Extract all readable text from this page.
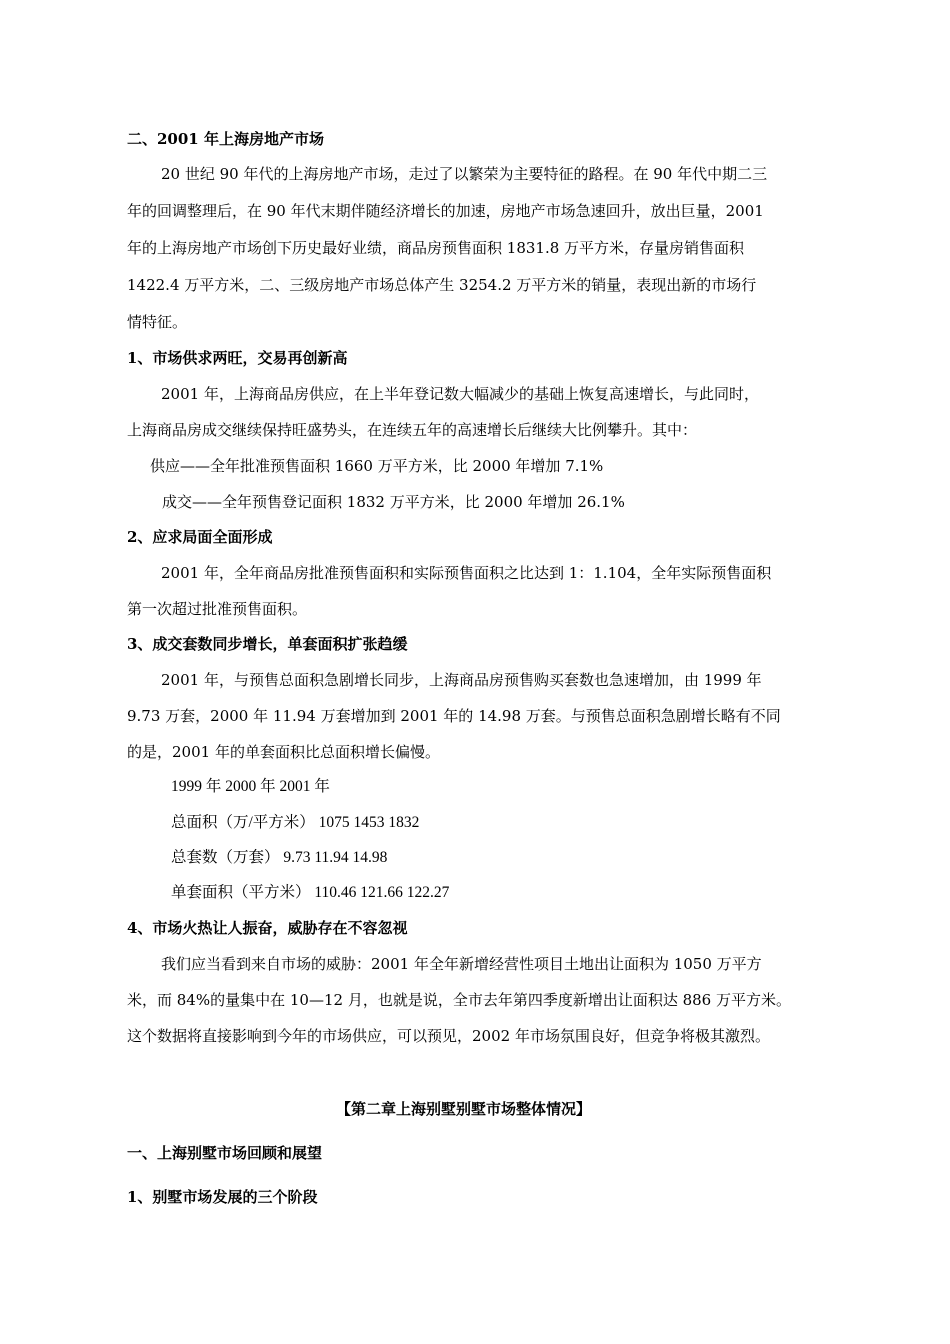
二、2001 年上海房地产市场
20 世纪 90 年代的上海房地产市场，走过了以繁荣为主要特征的路程。在 90 年代中期二三
年的回调整理后，在 90 年代末期伴随经济增长的加速，房地产市场急速回升，放出巨量，2001
年的上海房地产市场创下历史最好业绩，商品房预售面积 1831.8 万平方米，存量房销售面积
1422.4 万平方米，二、三级房地产市场总体产生 3254.2 万平方米的销量，表现出新的市场行
情特征。
1、市场供求两旺，交易再创新高
2001 年，上海商品房供应，在上半年登记数大幅减少的基础上恢复高速增长，与此同时，
上海商品房成交继续保持旺盛势头，在连续五年的高速增长后继续大比例攀升。其中：
供应——全年批准预售面积 1660 万平方米，比 2000 年增加 7.1%
成交——全年预售登记面积 1832 万平方米，比 2000 年增加 26.1%
2、应求局面全面形成
2001 年，全年商品房批准预售面积和实际预售面积之比达到 1：1.104，全年实际预售面积
第一次超过批准预售面积。
3、成交套数同步增长，单套面积扩张趋缓
2001 年，与预售总面积急剧增长同步，上海商品房预售购买套数也急速增加，由 1999 年
9.73 万套，2000 年 11.94 万套增加到 2001 年的 14.98 万套。与预售总面积急剧增长略有不同
的是，2001 年的单套面积比总面积增长偏慢。
1999 年 2000 年 2001 年
总面积（万/平方米） 1075 1453 1832
总套数（万套） 9.73 11.94 14.98
单套面积（平方米） 110.46 121.66 122.27
4、市场火热让人振奋，威胁存在不容忽视
我们应当看到来自市场的威胁：2001 年全年新增经营性项目土地出让面积为 1050 万平方
米，而 84%的量集中在 10—12 月，也就是说，全市去年第四季度新增出让面积达 886 万平方米。
这个数据将直接影响到今年的市场供应，可以预见，2002 年市场氛围良好，但竞争将极其激烈。
【第二章上海别墅别墅市场整体情况】
一、上海别墅市场回顾和展望
1、别墅市场发展的三个阶段
